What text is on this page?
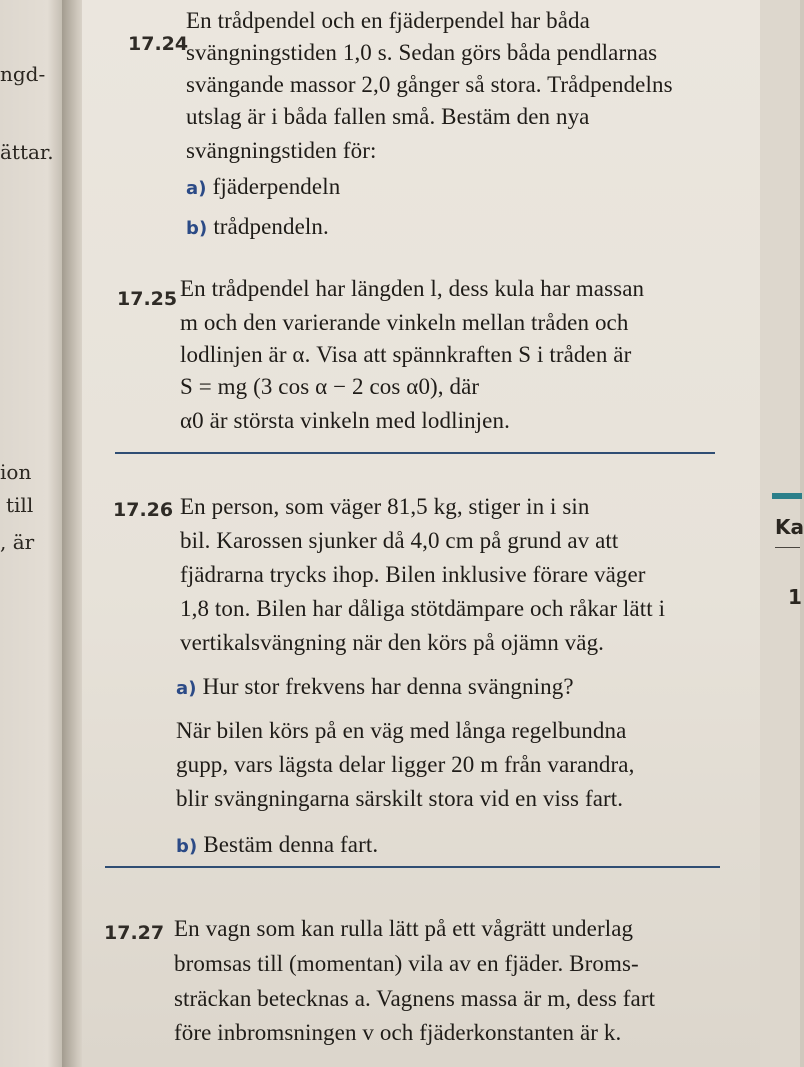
ngd-
ättar.
ion
till
, är
Ka
1
17.24
En trådpendel och en fjäderpendel har båda
svängningstiden 1,0 s. Sedan görs båda pendlarnas
svängande massor 2,0 gånger så stora. Trådpendelns
utslag är i båda fallen små. Bestäm den nya
svängningstiden för:
a) fjäderpendeln
b) trådpendeln.
17.25 En trådpendel har längden l, dess kula har massan
m och den varierande vinkeln mellan tråden och
lodlinjen är α. Visa att spännkraften S i tråden är
S = mg (3 cos α − 2 cos α0), där
α0 är största vinkeln med lodlinjen.
17.26 En person, som väger 81,5 kg, stiger in i sin
bil. Karossen sjunker då 4,0 cm på grund av att
fjädrarna trycks ihop. Bilen inklusive förare väger
1,8 ton. Bilen har dåliga stötdämpare och råkar lätt i
vertikalsvängning när den körs på ojämn väg.
a) Hur stor frekvens har denna svängning?
När bilen körs på en väg med långa regelbundna
gupp, vars lägsta delar ligger 20 m från varandra,
blir svängningarna särskilt stora vid en viss fart.
b) Bestäm denna fart.
17.27 En vagn som kan rulla lätt på ett vågrätt underlag
bromsas till (momentan) vila av en fjäder. Broms-
sträckan betecknas a. Vagnens massa är m, dess fart
före inbromsningen v och fjäderkonstanten är k.
